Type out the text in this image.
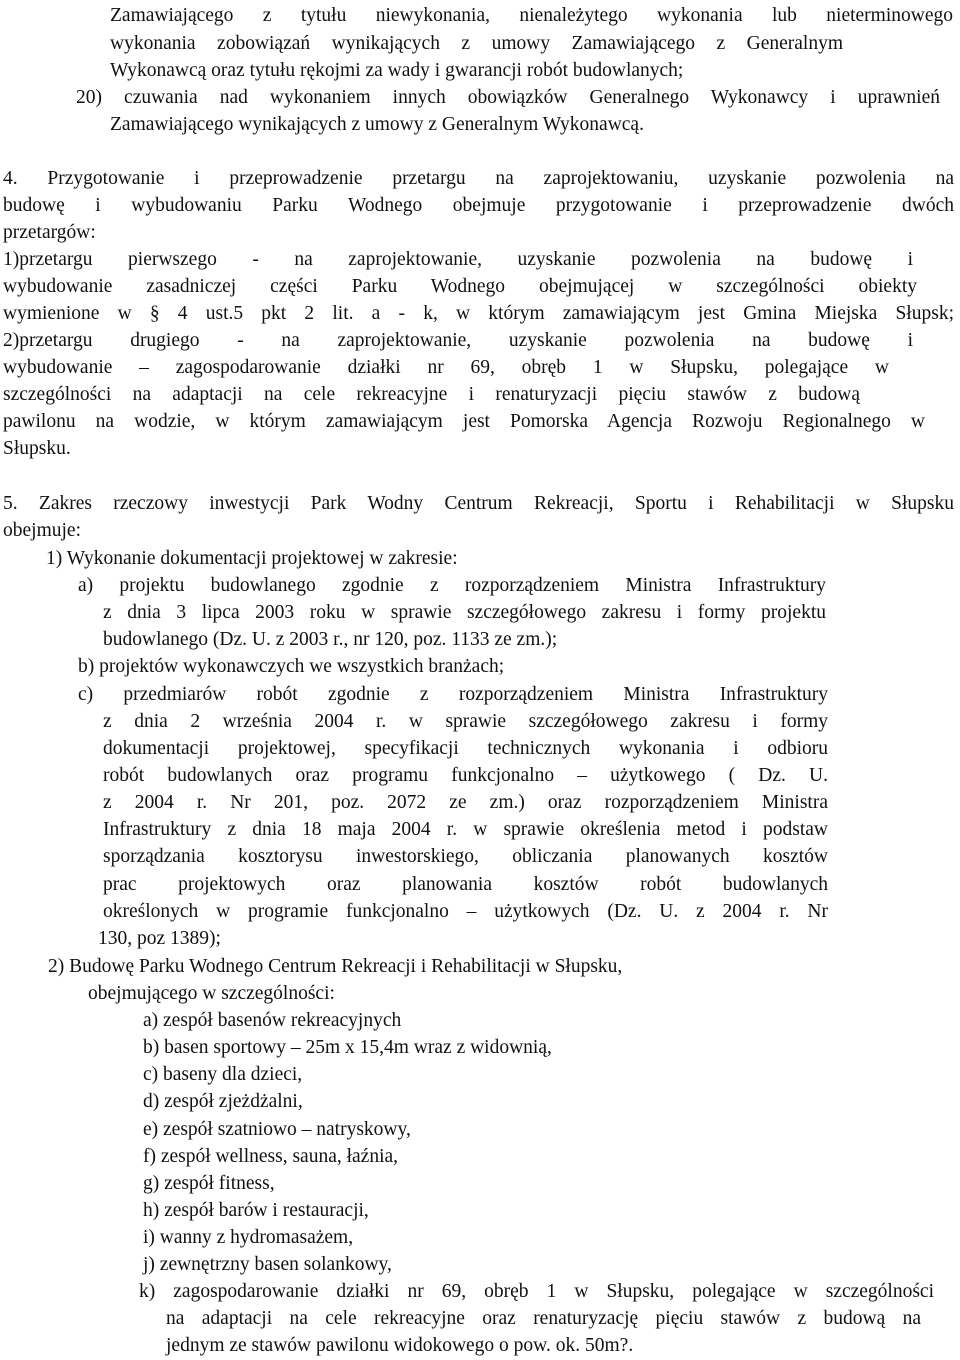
Zamawiającego z tytułu niewykonania, nienależytego wykonania lub nieterminowego
wykonania zobowiązań wynikających z umowy Zamawiającego z Generalnym
Wykonawcą oraz tytułu rękojmi za wady i gwarancji robót budowlanych;
20) czuwania nad wykonaniem innych obowiązków Generalnego Wykonawcy i uprawnień
Zamawiającego wynikających z umowy z Generalnym Wykonawcą.
4. Przygotowanie i przeprowadzenie przetargu na zaprojektowaniu, uzyskanie pozwolenia na
budowę i wybudowaniu Parku Wodnego obejmuje przygotowanie i przeprowadzenie dwóch
przetargów:
1)przetargu pierwszego - na zaprojektowanie, uzyskanie pozwolenia na budowę i
wybudowanie zasadniczej części Parku Wodnego obejmującej w szczególności obiekty
wymienione w § 4 ust.5 pkt 2 lit. a - k, w którym zamawiającym jest Gmina Miejska Słupsk;
2)przetargu drugiego - na zaprojektowanie, uzyskanie pozwolenia na budowę i
wybudowanie – zagospodarowanie działki nr 69, obręb 1 w Słupsku, polegające w
szczególności na adaptacji na cele rekreacyjne i renaturyzacji pięciu stawów z budową
pawilonu na wodzie, w którym zamawiającym jest Pomorska Agencja Rozwoju Regionalnego w
Słupsku.
5. Zakres rzeczowy inwestycji Park Wodny Centrum Rekreacji, Sportu i Rehabilitacji w Słupsku
obejmuje:
1) Wykonanie dokumentacji projektowej w zakresie:
a) projektu budowlanego zgodnie z rozporządzeniem Ministra Infrastruktury
z dnia 3 lipca 2003 roku w sprawie szczegółowego zakresu i formy projektu
budowlanego (Dz. U. z 2003 r., nr 120, poz. 1133 ze zm.);
b) projektów wykonawczych we wszystkich branżach;
c) przedmiarów robót zgodnie z rozporządzeniem Ministra Infrastruktury
z dnia 2 września 2004 r. w sprawie szczegółowego zakresu i formy
dokumentacji projektowej, specyfikacji technicznych wykonania i odbioru
robót budowlanych oraz programu funkcjonalno – użytkowego ( Dz. U.
z 2004 r. Nr 201, poz. 2072 ze zm.) oraz rozporządzeniem Ministra
Infrastruktury z dnia 18 maja 2004 r. w sprawie określenia metod i podstaw
sporządzania kosztorysu inwestorskiego, obliczania planowanych kosztów
prac projektowych oraz planowania kosztów robót budowlanych
określonych w programie funkcjonalno – użytkowych (Dz. U. z 2004 r. Nr
130, poz 1389);
2) Budowę Parku Wodnego Centrum Rekreacji i Rehabilitacji w Słupsku,
obejmującego w szczególności:
a) zespół basenów rekreacyjnych
b) basen sportowy – 25m x 15,4m wraz z widownią,
c) baseny dla dzieci,
d) zespół zjeżdżalni,
e) zespół szatniowo – natryskowy,
f) zespół wellness, sauna, łaźnia,
g) zespół fitness,
h) zespół barów i restauracji,
i) wanny z hydromasażem,
j) zewnętrzny basen solankowy,
k) zagospodarowanie działki nr 69, obręb 1 w Słupsku, polegające w szczególności
na adaptacji na cele rekreacyjne oraz renaturyzację pięciu stawów z budową na
jednym ze stawów pawilonu widokowego o pow. ok. 50m?.
